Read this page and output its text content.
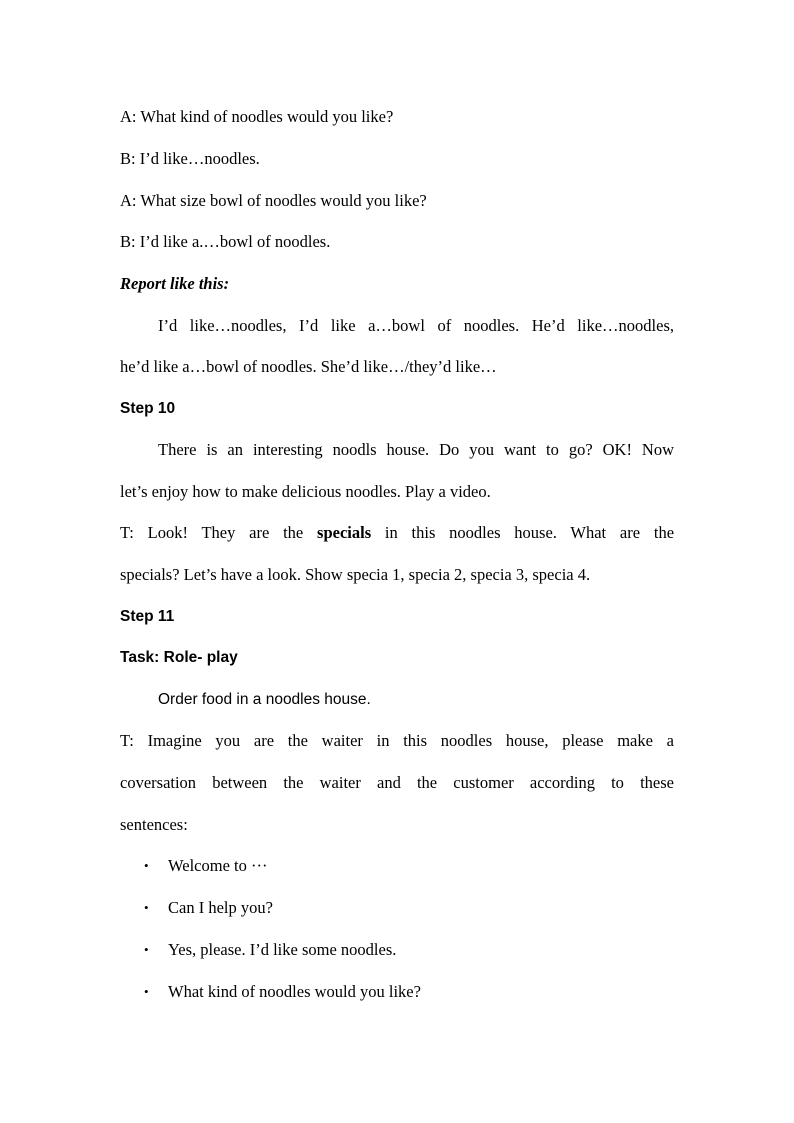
A: What kind of noodles would you like?
B: I’d like…noodles.
A: What size bowl of noodles would you like?
B: I’d like a.…bowl of noodles.
Report like this:
I’d like…noodles, I’d like a…bowl of noodles. He’d like…noodles,
he’d like a…bowl of noodles. She’d like…/they’d like…
Step 10
There is an interesting noodls house. Do you want to go? OK! Now
let’s enjoy how to make delicious noodles. Play a video.
T: Look! They are the specials in this noodles house. What are the
specials? Let’s have a look. Show specia 1, specia 2, specia 3, specia 4.
Step 11
Task: Role- play
Order food in a noodles house.
T: Imagine you are the waiter in this noodles house, please make a
coversation between the waiter and the customer according to these
sentences:
• Welcome to ···
• Can I help you?
• Yes, please. I’d like some noodles.
• What kind of noodles would you like?
